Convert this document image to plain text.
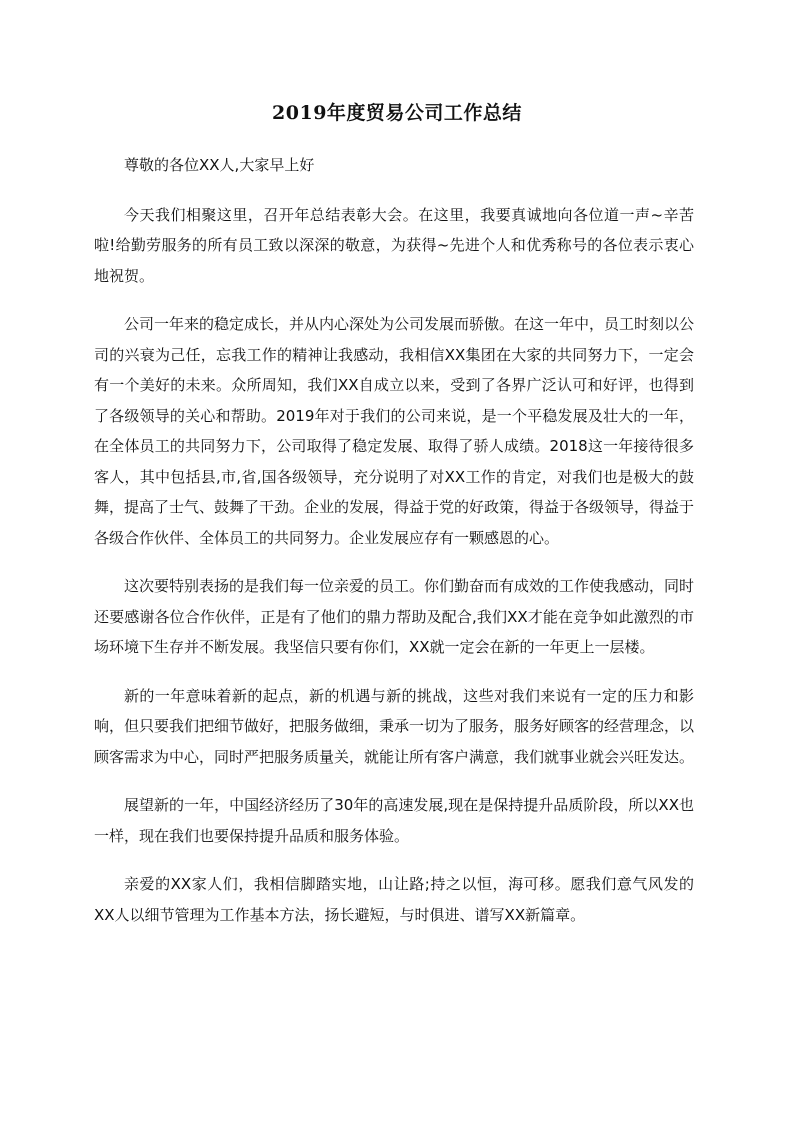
2019年度贸易公司工作总结

尊敬的各位XX人,大家早上好

今天我们相聚这里，召开年总结表彰大会。在这里，我要真诚地向各位道一声~辛苦啦!给勤劳服务的所有员工致以深深的敬意，为获得~先进个人和优秀称号的各位表示衷心地祝贺。

公司一年来的稳定成长，并从内心深处为公司发展而骄傲。在这一年中，员工时刻以公司的兴衰为己任，忘我工作的精神让我感动，我相信XX集团在大家的共同努力下，一定会有一个美好的未来。众所周知，我们XX自成立以来，受到了各界广泛认可和好评，也得到了各级领导的关心和帮助。2019年对于我们的公司来说，是一个平稳发展及壮大的一年，在全体员工的共同努力下，公司取得了稳定发展、取得了骄人成绩。2018这一年接待很多客人，其中包括县,市,省,国各级领导，充分说明了对XX工作的肯定，对我们也是极大的鼓舞，提高了士气、鼓舞了干劲。企业的发展，得益于党的好政策，得益于各级领导，得益于各级合作伙伴、全体员工的共同努力。企业发展应存有一颗感恩的心。

这次要特别表扬的是我们每一位亲爱的员工。你们勤奋而有成效的工作使我感动，同时还要感谢各位合作伙伴，正是有了他们的鼎力帮助及配合,我们XX才能在竞争如此激烈的市场环境下生存并不断发展。我坚信只要有你们，XX就一定会在新的一年更上一层楼。

新的一年意味着新的起点，新的机遇与新的挑战，这些对我们来说有一定的压力和影响，但只要我们把细节做好，把服务做细，秉承一切为了服务，服务好顾客的经营理念，以顾客需求为中心，同时严把服务质量关，就能让所有客户满意，我们就事业就会兴旺发达。

展望新的一年，中国经济经历了30年的高速发展,现在是保持提升品质阶段，所以XX也一样，现在我们也要保持提升品质和服务体验。

亲爱的XX家人们，我相信脚踏实地，山让路;持之以恒，海可移。愿我们意气风发的XX人以细节管理为工作基本方法，扬长避短，与时俱进、谱写XX新篇章。
